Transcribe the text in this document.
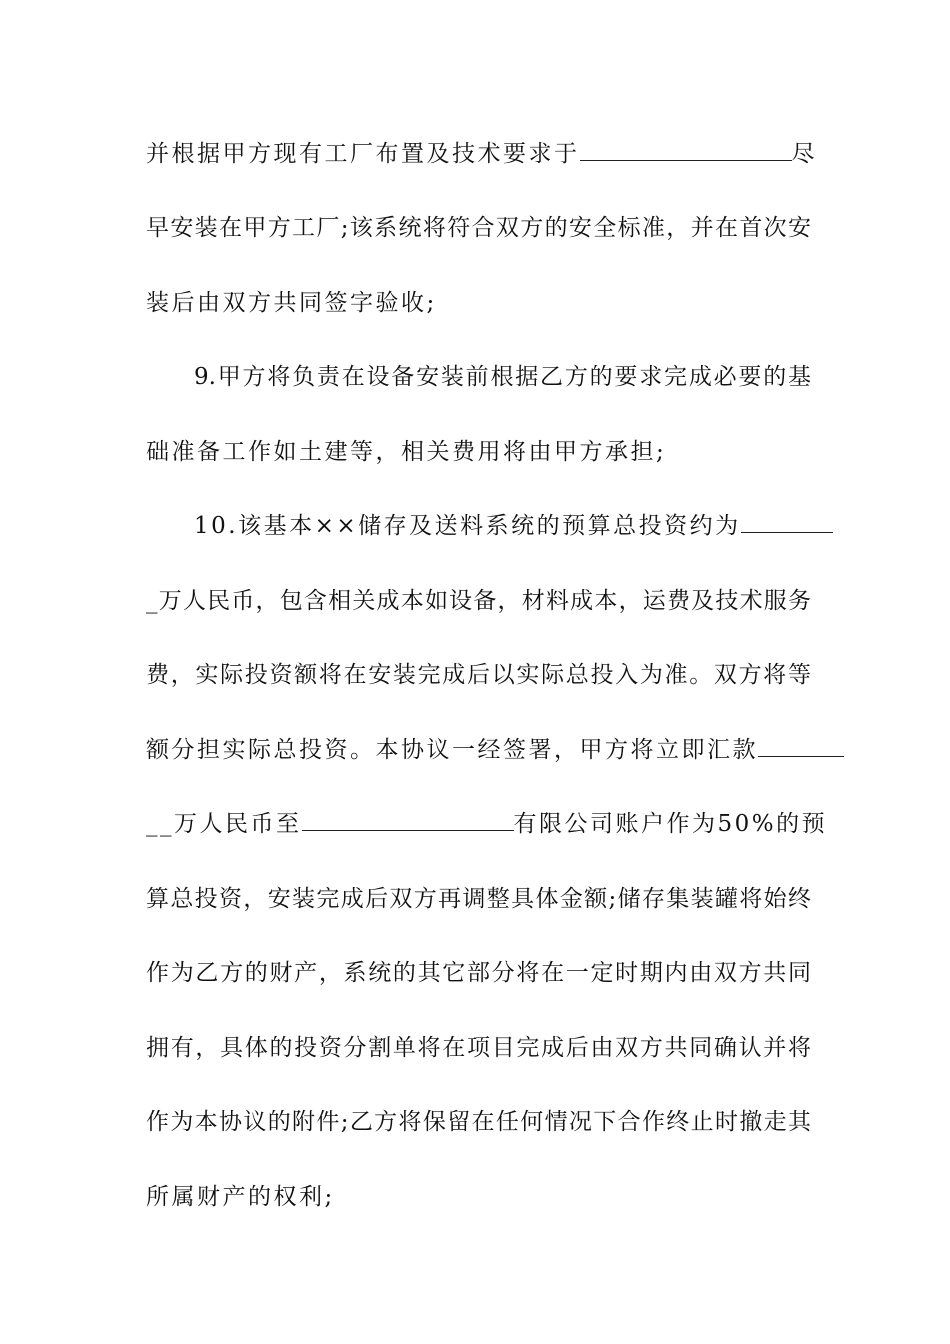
并根据甲方现有工厂布置及技术要求于	尽
早安装在甲方工厂;该系统将符合双方的安全标准，并在首次安
装后由双方共同签字验收;
9.甲方将负责在设备安装前根据乙方的要求完成必要的基
础准备工作如土建等，相关费用将由甲方承担;
10.该基本××储存及送料系统的预算总投资约为
_万人民币，包含相关成本如设备，材料成本，运费及技术服务
费，实际投资额将在安装完成后以实际总投入为准。双方将等
额分担实际总投资。本协议一经签署，甲方将立即汇款
__万人民币至	有限公司账户作为50%的预
算总投资，安装完成后双方再调整具体金额;储存集装罐将始终
作为乙方的财产，系统的其它部分将在一定时期内由双方共同
拥有，具体的投资分割单将在项目完成后由双方共同确认并将
作为本协议的附件;乙方将保留在任何情况下合作终止时撤走其
所属财产的权利;
